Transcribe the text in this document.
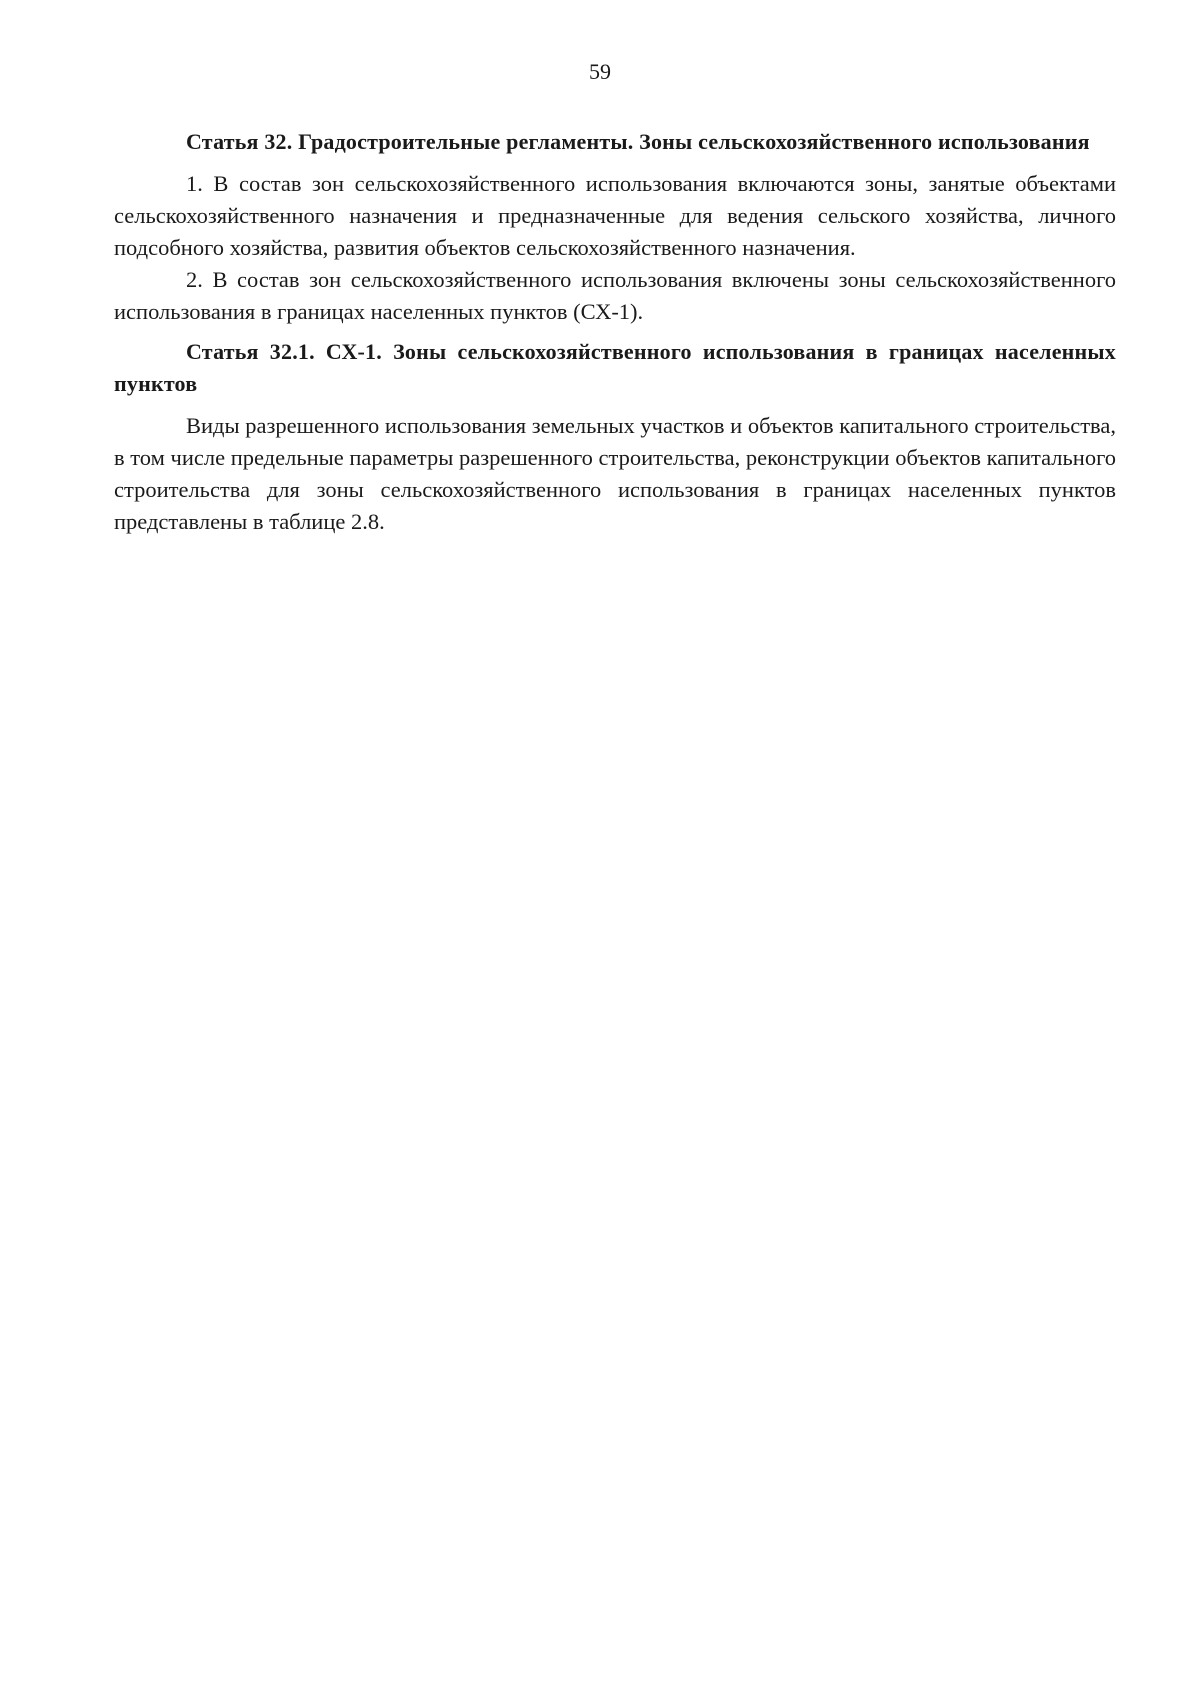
59

Статья 32. Градостроительные регламенты. Зоны сельскохозяйственного использования

1. В состав зон сельскохозяйственного использования включаются зоны, занятые объектами сельскохозяйственного назначения и предназначенные для ведения сельского хозяйства, личного подсобного хозяйства, развития объектов сельскохозяйственного назначения.

2. В состав зон сельскохозяйственного использования включены зоны сельскохозяйственного использования в границах населенных пунктов (СХ-1).

Статья 32.1. СХ-1. Зоны сельскохозяйственного использования в границах населенных пунктов

Виды разрешенного использования земельных участков и объектов капитального строительства, в том числе предельные параметры разрешенного строительства, реконструкции объектов капитального строительства для зоны сельскохозяйственного использования в границах населенных пунктов представлены в таблице 2.8.
